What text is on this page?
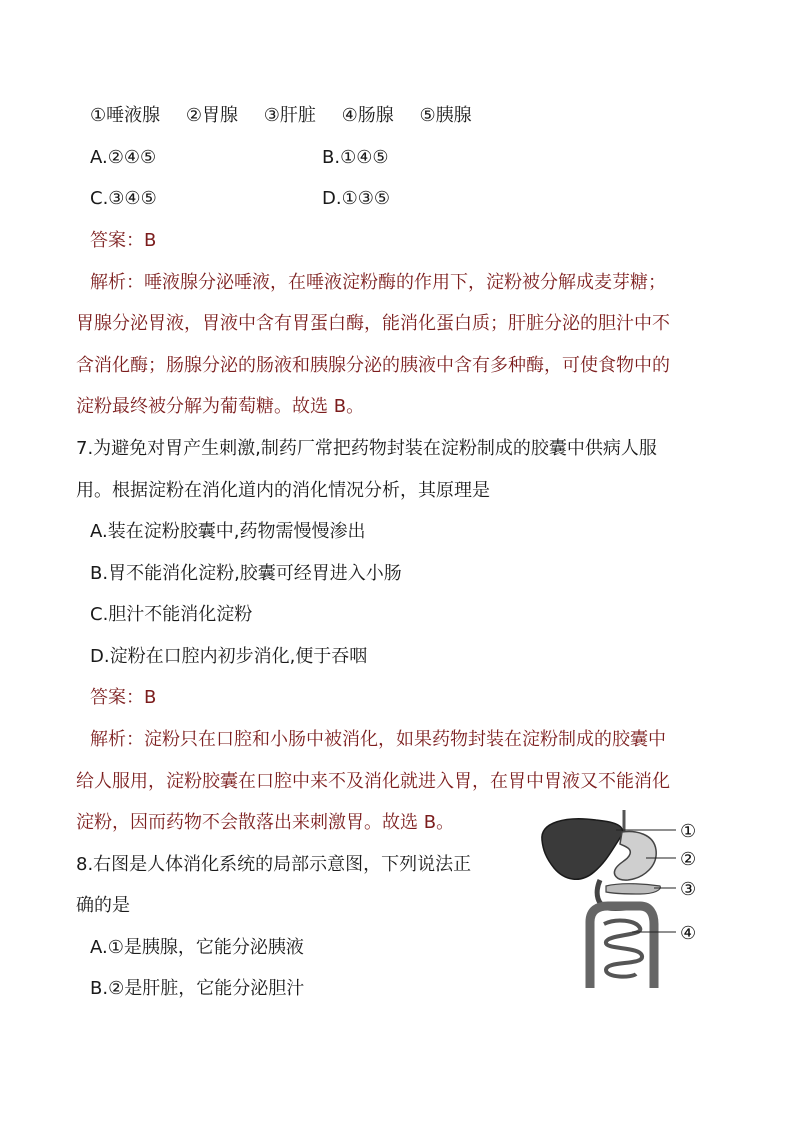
①唾液腺 ②胃腺 ③肝脏 ④肠腺 ⑤胰腺
A.②④⑤	B.①④⑤
C.③④⑤	D.①③⑤
答案：B
解析：唾液腺分泌唾液，在唾液淀粉酶的作用下，淀粉被分解成麦芽糖；
胃腺分泌胃液，胃液中含有胃蛋白酶，能消化蛋白质；肝脏分泌的胆汁中不
含消化酶；肠腺分泌的肠液和胰腺分泌的胰液中含有多种酶，可使食物中的
淀粉最终被分解为葡萄糖。故选 B。
7.为避免对胃产生刺激,制药厂常把药物封装在淀粉制成的胶囊中供病人服
用。根据淀粉在消化道内的消化情况分析，其原理是
A.装在淀粉胶囊中,药物需慢慢渗出
B.胃不能消化淀粉,胶囊可经胃进入小肠
C.胆汁不能消化淀粉
D.淀粉在口腔内初步消化,便于吞咽
答案：B
解析：淀粉只在口腔和小肠中被消化，如果药物封装在淀粉制成的胶囊中
给人服用，淀粉胶囊在口腔中来不及消化就进入胃，在胃中胃液又不能消化
淀粉，因而药物不会散落出来刺激胃。故选 B。
8.右图是人体消化系统的局部示意图，下列说法正
确的是
A.①是胰腺，它能分泌胰液
B.②是肝脏，它能分泌胆汁
①
②
③
④
